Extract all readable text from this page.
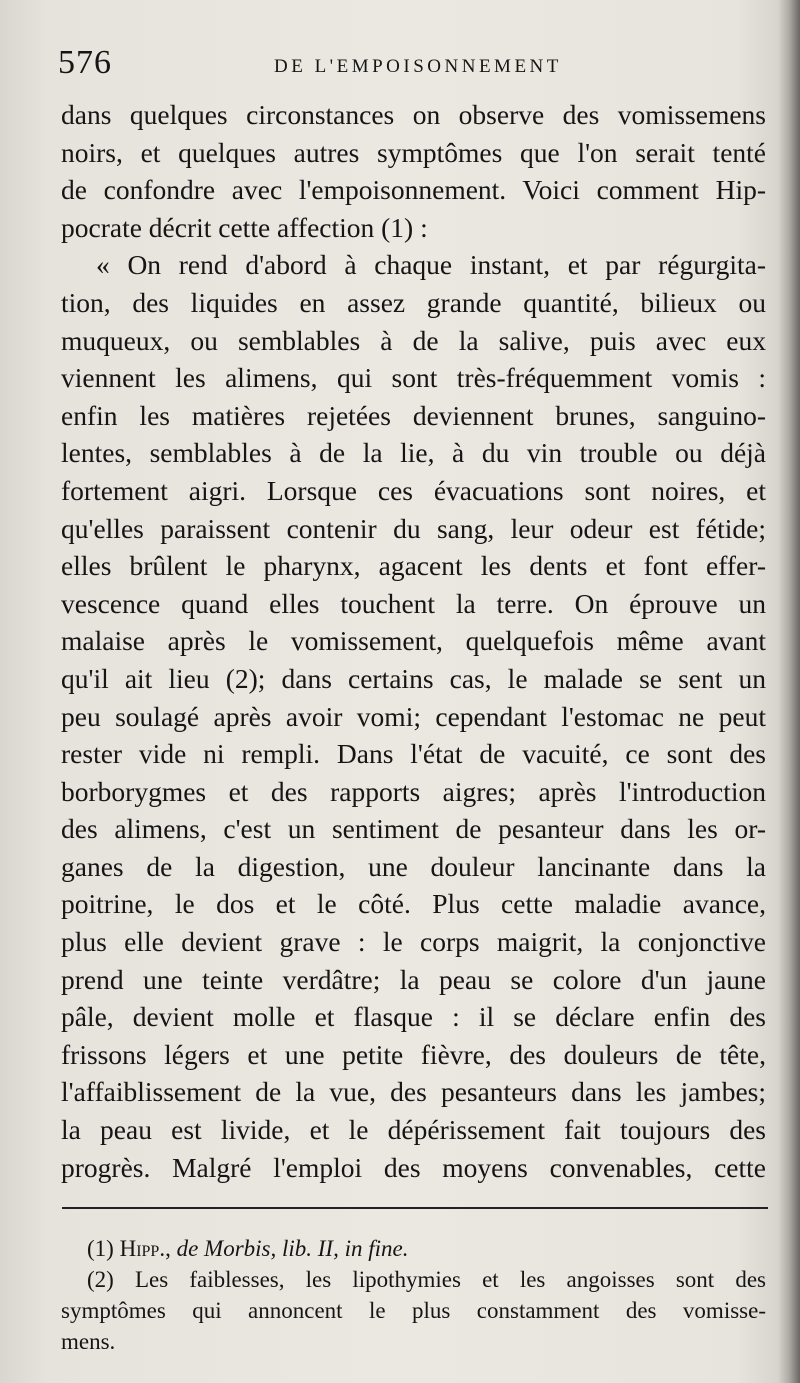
576	DE L'EMPOISONNEMENT
dans quelques circonstances on observe des vomissemens
noirs, et quelques autres symptômes que l'on serait tenté
de confondre avec l'empoisonnement. Voici comment Hip-
pocrate décrit cette affection (1) :
« On rend d'abord à chaque instant, et par régurgita-
tion, des liquides en assez grande quantité, bilieux ou
muqueux, ou semblables à de la salive, puis avec eux
viennent les alimens, qui sont très-fréquemment vomis :
enfin les matières rejetées deviennent brunes, sanguino-
lentes, semblables à de la lie, à du vin trouble ou déjà
fortement aigri. Lorsque ces évacuations sont noires, et
qu'elles paraissent contenir du sang, leur odeur est fétide;
elles brûlent le pharynx, agacent les dents et font effer-
vescence quand elles touchent la terre. On éprouve un
malaise après le vomissement, quelquefois même avant
qu'il ait lieu (2); dans certains cas, le malade se sent un
peu soulagé après avoir vomi; cependant l'estomac ne peut
rester vide ni rempli. Dans l'état de vacuité, ce sont des
borborygmes et des rapports aigres; après l'introduction
des alimens, c'est un sentiment de pesanteur dans les or-
ganes de la digestion, une douleur lancinante dans la
poitrine, le dos et le côté. Plus cette maladie avance,
plus elle devient grave : le corps maigrit, la conjonctive
prend une teinte verdâtre; la peau se colore d'un jaune
pâle, devient molle et flasque : il se déclare enfin des
frissons légers et une petite fièvre, des douleurs de tête,
l'affaiblissement de la vue, des pesanteurs dans les jambes;
la peau est livide, et le dépérissement fait toujours des
progrès. Malgré l'emploi des moyens convenables, cette
(1) Hipp., de Morbis, lib. II, in fine.
(2) Les faiblesses, les lipothymies et les angoisses sont des
symptômes qui annoncent le plus constamment des vomisse-
mens.
